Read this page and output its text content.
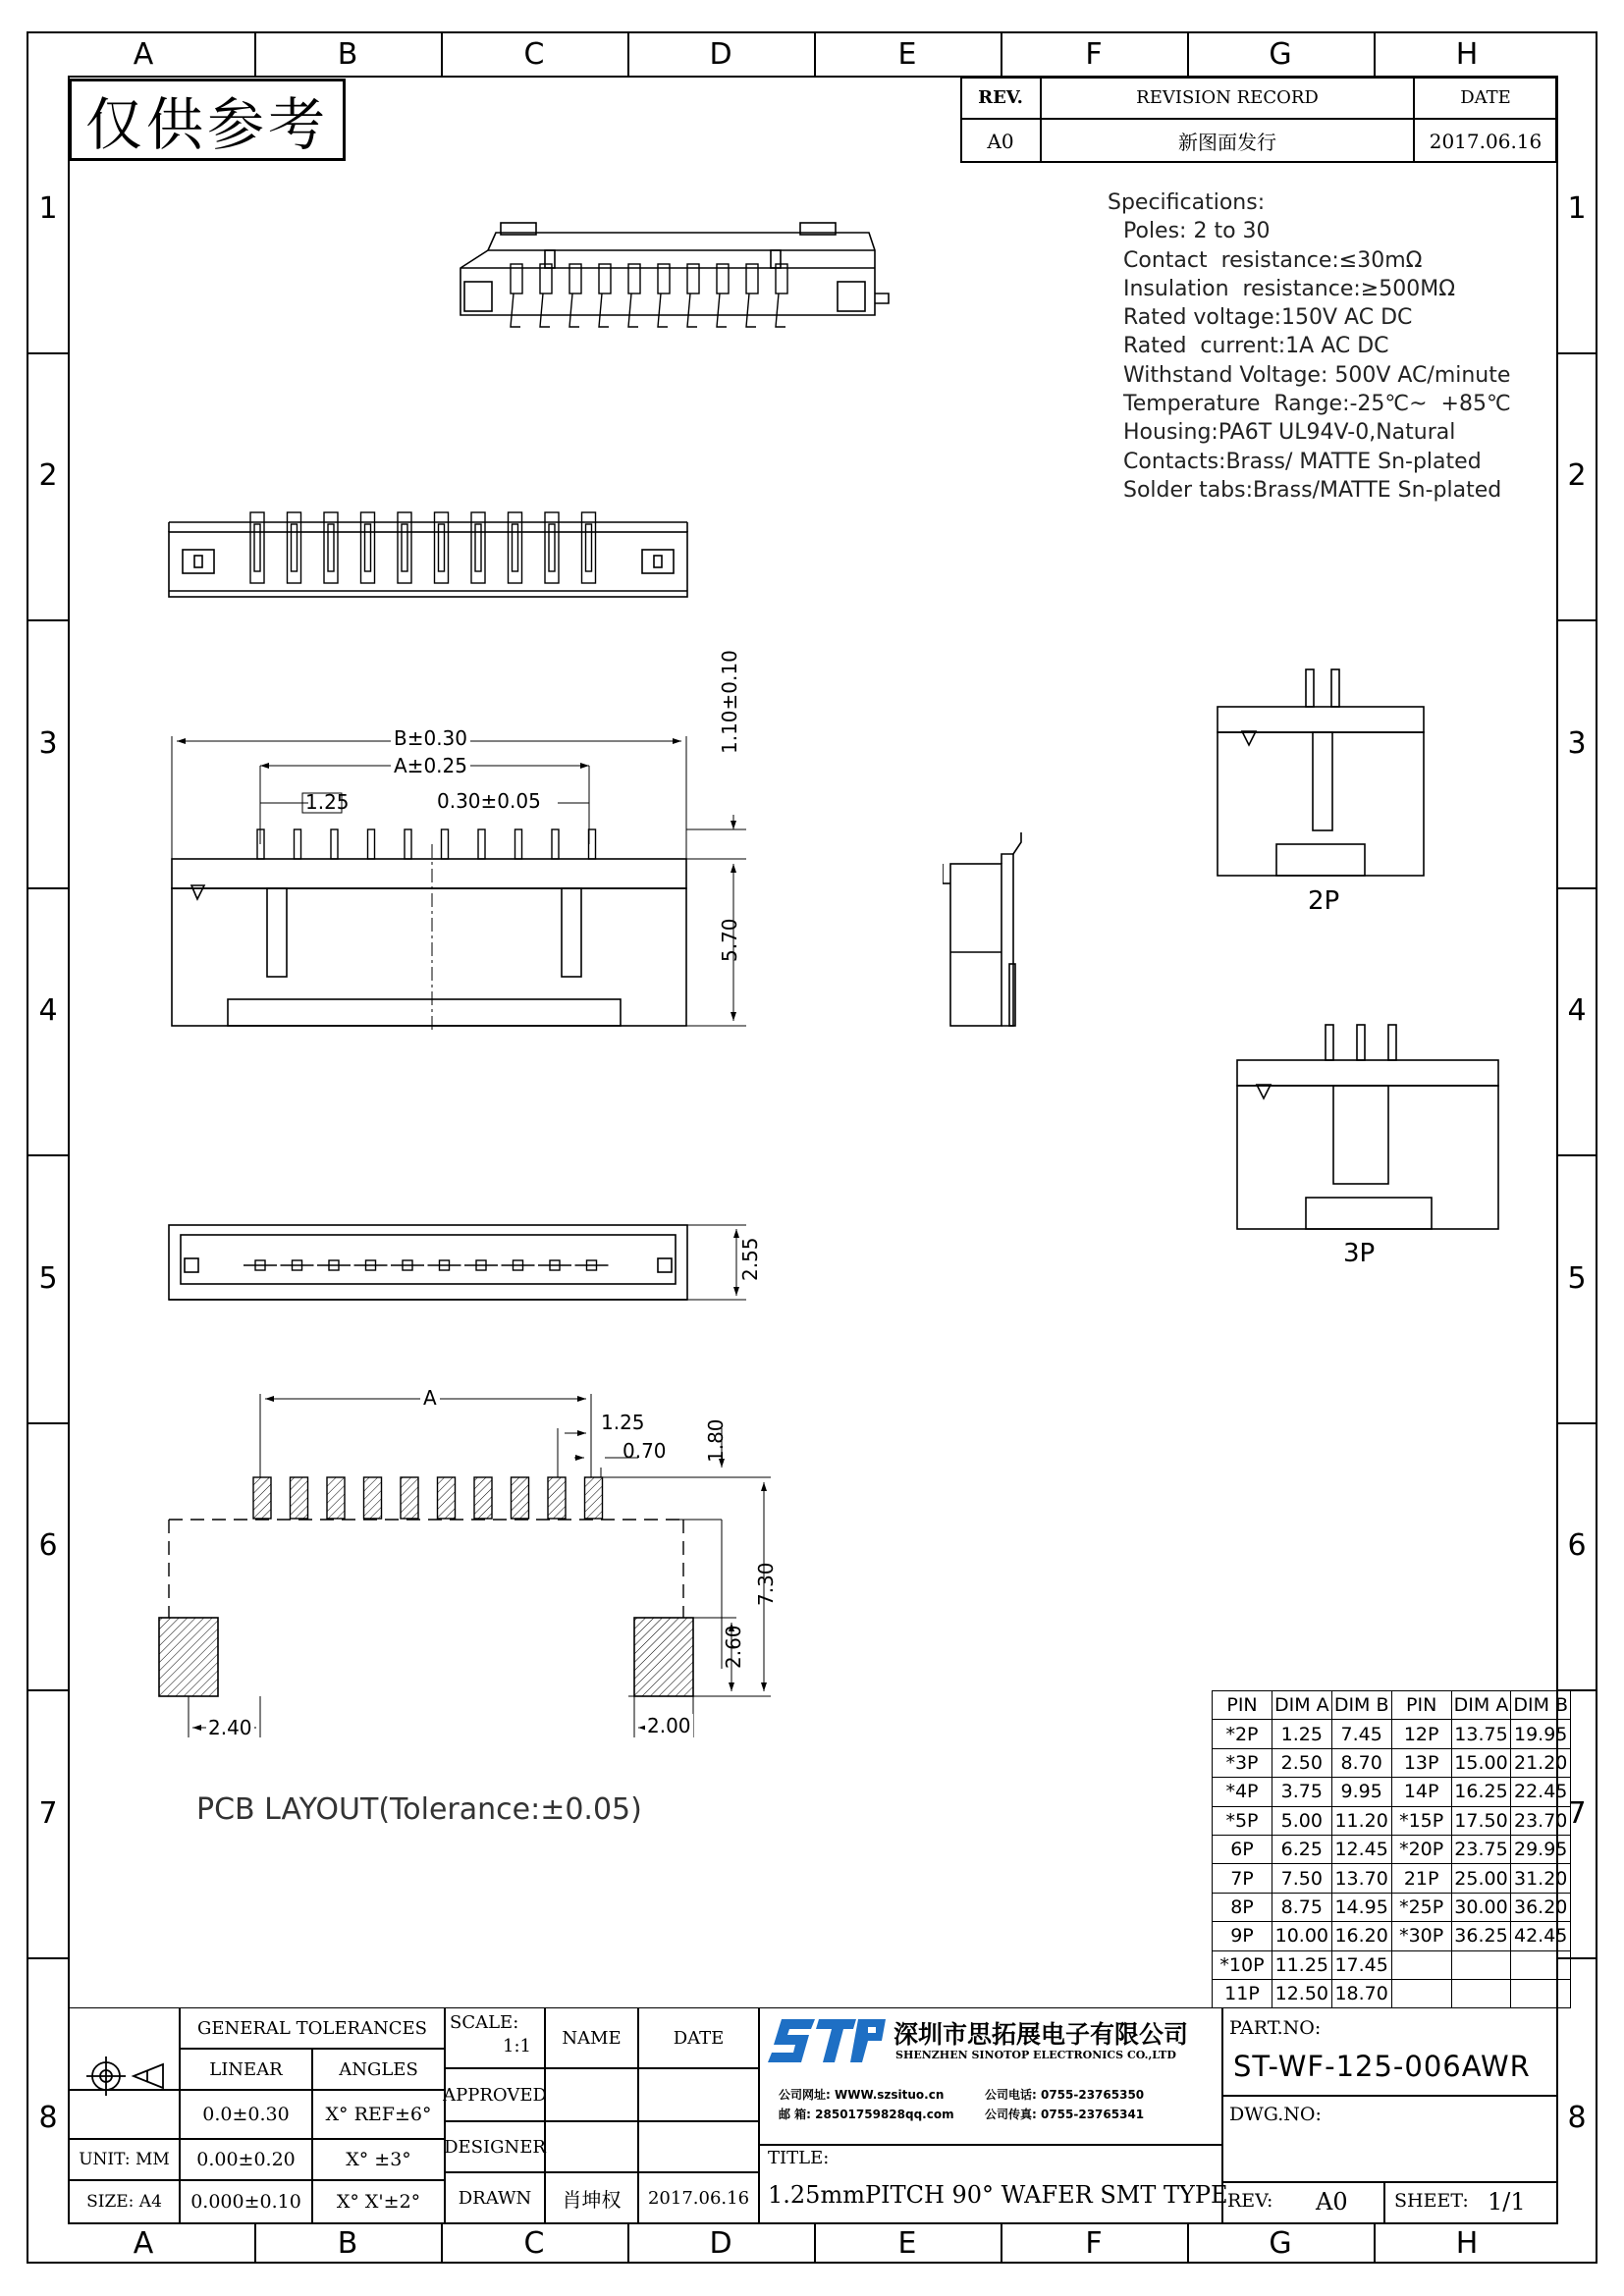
A	B	C	D	E	F	G	H
A	B	C	D	E	F	G	H
1
2
3
4
5
6
7
8
1
2
3
4
5
6
7
8
仅供参考	REV.	REVISION RECORD	DATE
A0	新图面发行	2017.06.16
Specifications:
Poles: 2 to 30
Contact  resistance:≤30mΩ
Insulation  resistance:≥500MΩ
Rated voltage:150V AC DC
Rated  current:1A AC DC
Withstand Voltage: 500V AC/minute
Temperature  Range:-25℃~  +85℃
Housing:PA6T UL94V-0,Natural
Contacts:Brass/ MATTE Sn-plated
Solder tabs:Brass/MATTE Sn-plated
B±0.30
A±0.25
1.25	0.30±0.05
1.10±0.10
5.70
2P
3P
2.55
A
1.25
0.70 1.80
7.30
2.60
2.40	2.00
PCB LAYOUT(Tolerance:±0.05)
PIN	DIM A	DIM B	PIN	DIM A	DIM B
*2P	1.25	7.45	12P	13.75	19.95
*3P	2.50	8.70	13P	15.00	21.20
*4P	3.75	9.95	14P	16.25	22.45
*5P	5.00	11.20	*15P	17.50	23.70
6P	6.25	12.45	*20P	23.75	29.95
7P	7.50	13.70	21P	25.00	31.20
8P	8.75	14.95	*25P	30.00	36.20
9P	10.00	16.20	*30P	36.25	42.45
*10P	11.25	17.45			
11P	12.50	18.70			
GENERAL TOLERANCES
LINEAR	ANGLES
0.0±0.30	X° REF±6°
0.00±0.20	X° ±3°
0.000±0.10	X° X'±2°
UNIT: MM
SIZE: A4
SCALE:
1:1	NAME	DATE
APPROVED
DESIGNER
DRAWN	肖坤权	2017.06.16
深圳市思拓展电子有限公司
SHENZHEN SINOTOP ELECTRONICS CO.,LTD
公司网址: WWW.szsituo.cn	公司电话: 0755-23765350
邮 箱: 28501759828qq.com	公司传真: 0755-23765341
TITLE:
1.25mmPITCH 90° WAFER SMT TYPE
PART.NO:
ST-WF-125-006AWR
DWG.NO:
REV: A0 SHEET: 1/1
